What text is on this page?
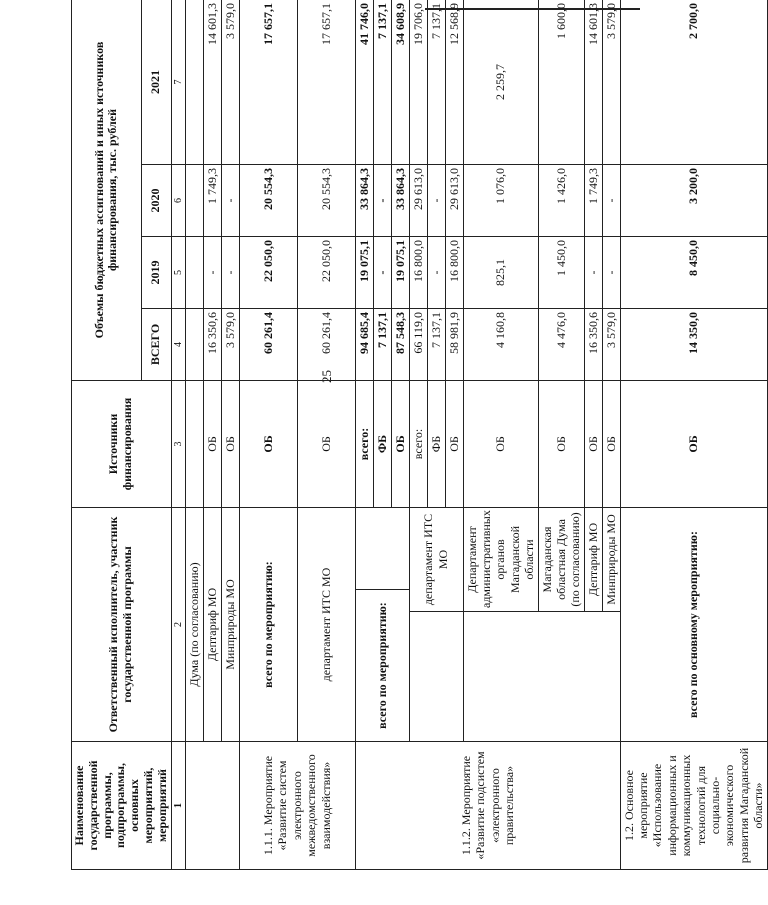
25
Наименование государственной программы, подпрограммы, основных мероприятий, мероприятий	Ответственный исполнитель, участник государственной программы			Источники финансирования	Объемы бюджетных ассигнований и иных источников финансирования, тыс. рублей			
					ВСЕГО	2019	2020	2021
1	2			3	4	5	6	7
	Дума (по согласованию)							
	Дептариф МО			ОБ	16 350,6	-	1 749,3	14 601,3
	Минприроды МО			ОБ	3 579,0	-	-	3 579,0
1.1.1. Мероприятие «Развитие систем электронного межведомственного взаимодействия»	всего по мероприятию:			ОБ	60 261,4	22 050,0	20 554,3	17 657,1
	департамент ИТС МО			ОБ	60 261,4	22 050,0	20 554,3	17 657,1
1.1.2. Мероприятие «Развитие подсистем «электронного правительства»	всего по мероприятию:			всего:	94 685,4	19 075,1	33 864,3	41 746,0
				ФБ	7 137,1	-	-	7 137,1
				ОБ	87 548,3	19 075,1	33 864,3	34 608,9
		департамент ИТС МО		всего:	66 119,0	16 800,0	29 613,0	19 706,0
				ФБ	7 137,1	-	-	7 137,1
				ОБ	58 981,9	16 800,0	29 613,0	12 568,9
		Департамент административных органов Магаданской области		ОБ	4 160,8	825,1	1 076,0	2 259,7
		Магаданская областная Дума (по согласованию)		ОБ	4 476,0	1 450,0	1 426,0	1 600,0
		Дептариф МО		ОБ	16 350,6	-	1 749,3	14 601,3
		Минприроды МО		ОБ	3 579,0	-	-	3 579,0
1.2. Основное мероприятие «Использование информационных и коммуникационных технологий для социально-экономического развития Магаданской области»	всего по основному мероприятию:			ОБ	14 350,0	8 450,0	3 200,0	2 700,0
